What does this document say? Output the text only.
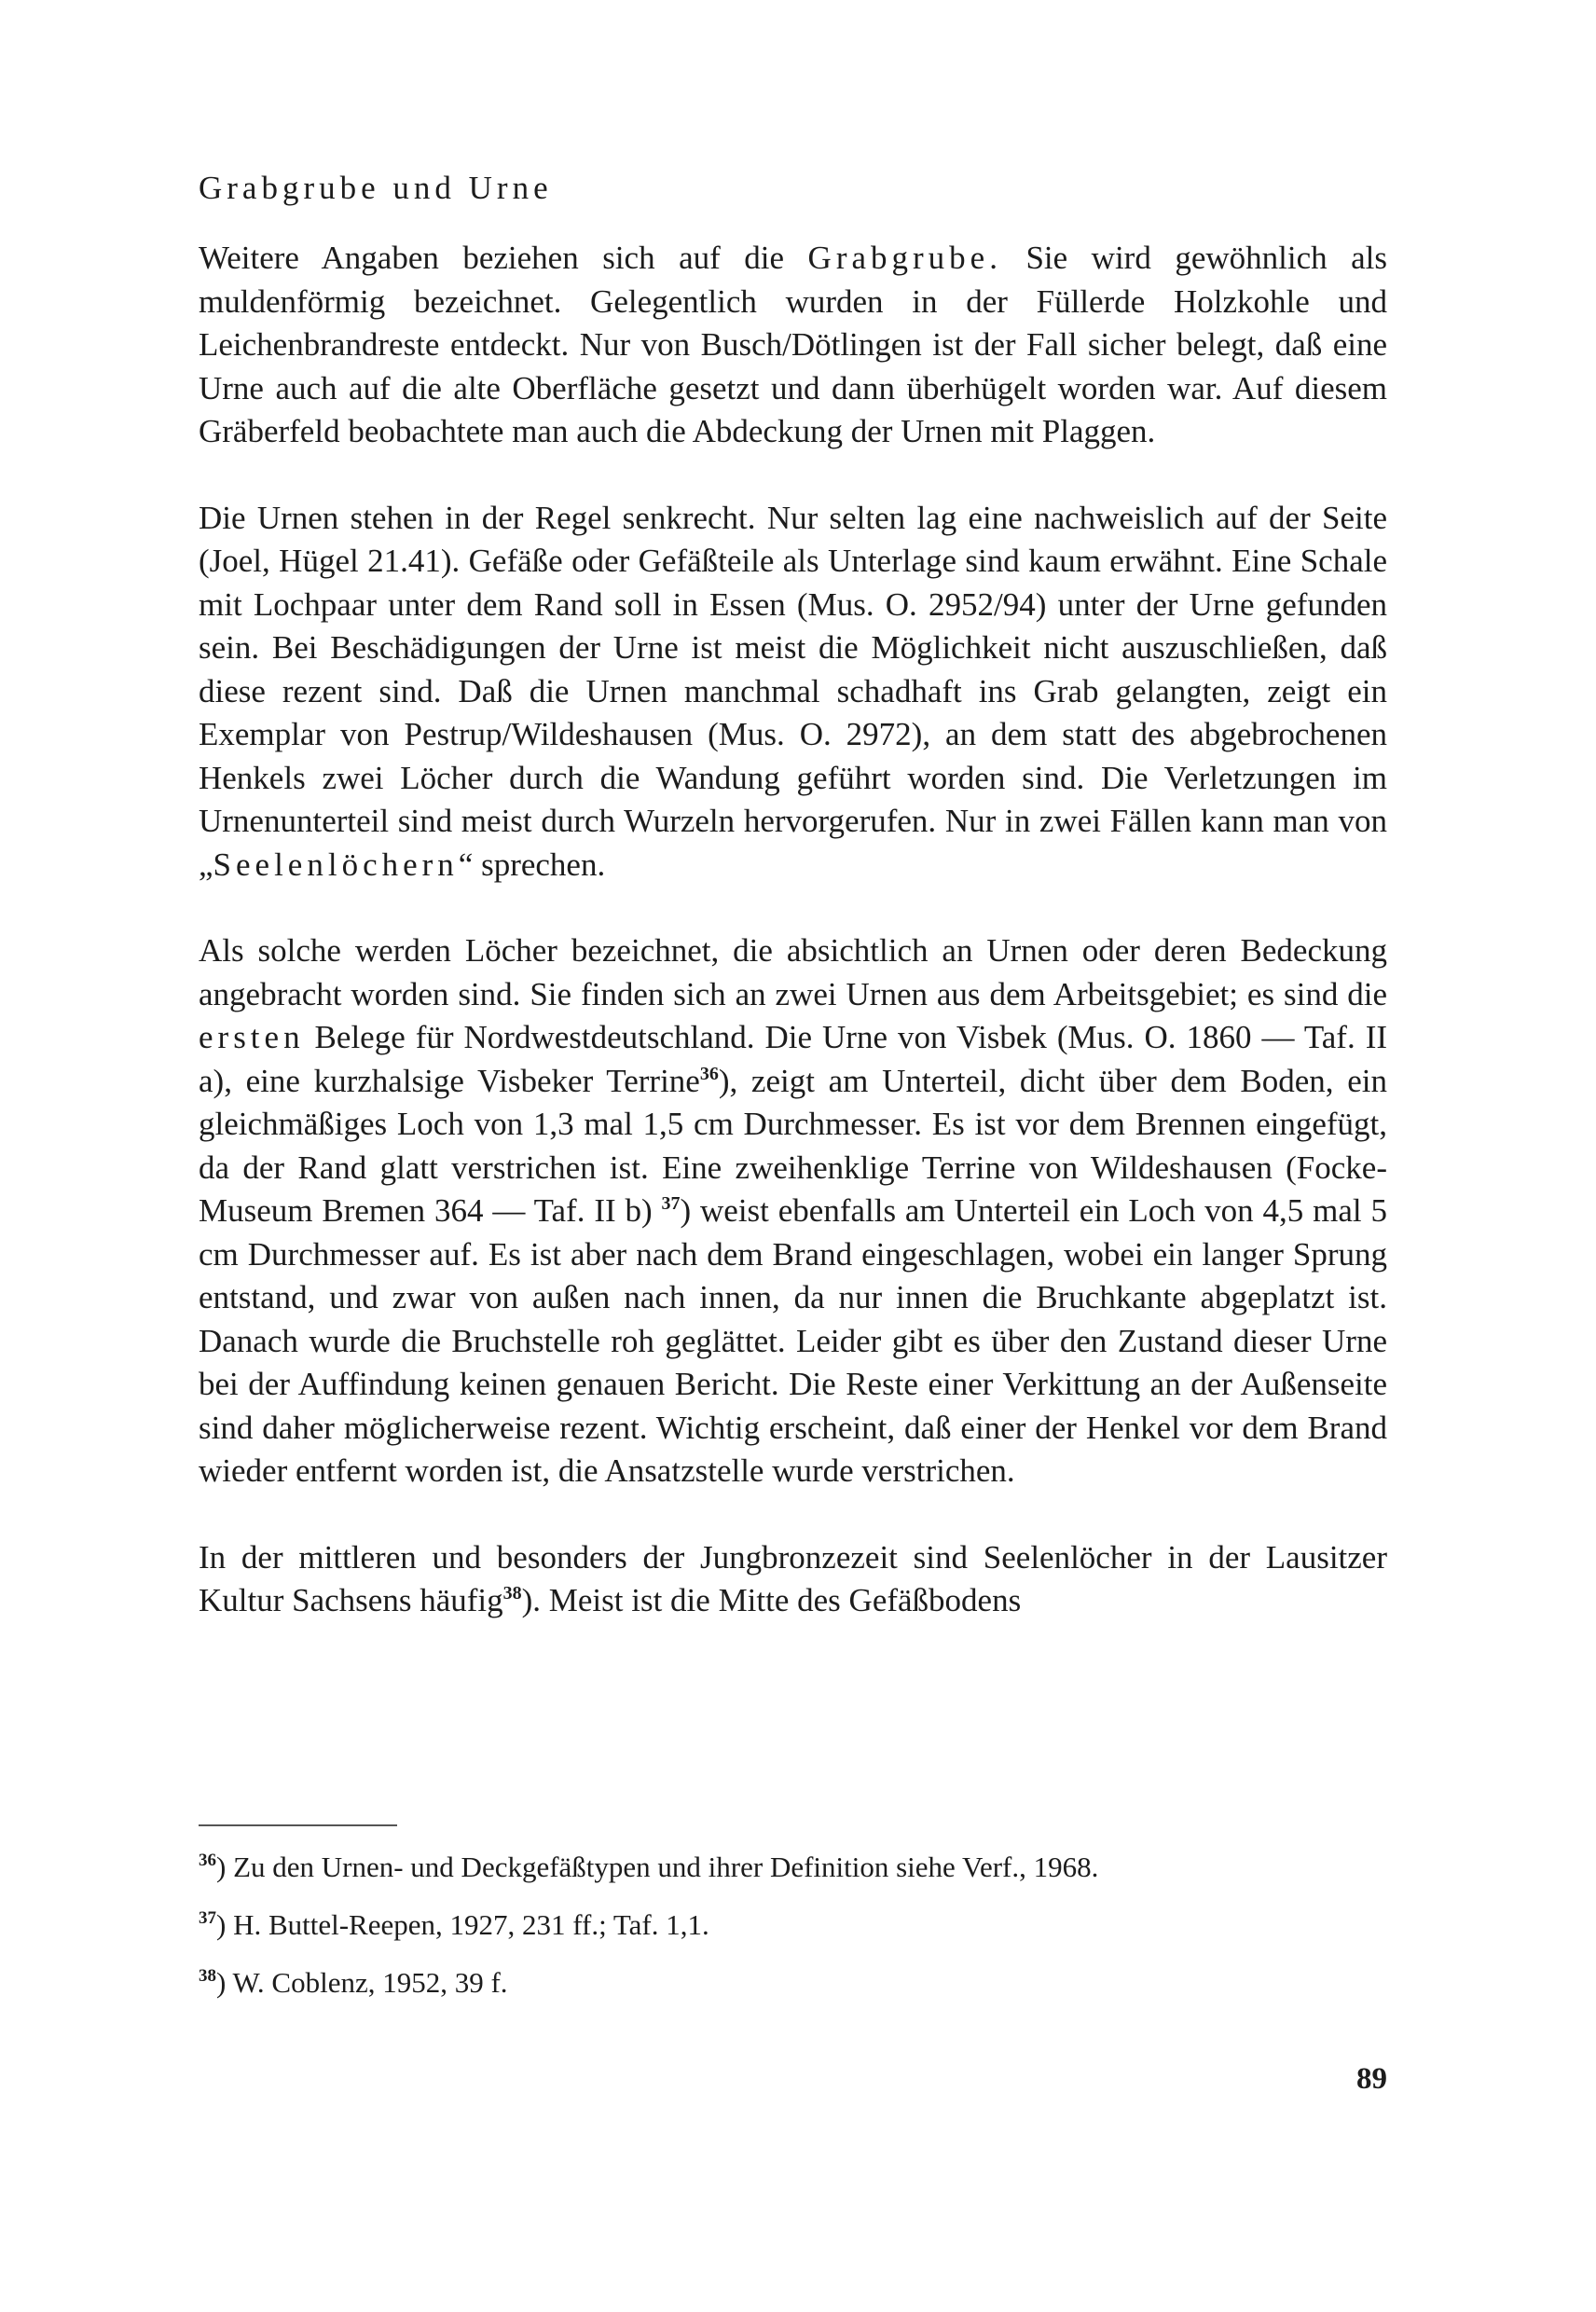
Grabgrube und Urne

Weitere Angaben beziehen sich auf die Grabgrube. Sie wird gewöhnlich als muldenförmig bezeichnet. Gelegentlich wurden in der Füllerde Holzkohle und Leichenbrandreste entdeckt. Nur von Busch/Dötlingen ist der Fall sicher belegt, daß eine Urne auch auf die alte Oberfläche gesetzt und dann überhügelt worden war. Auf diesem Gräberfeld beobachtete man auch die Abdeckung der Urnen mit Plaggen.

Die Urnen stehen in der Regel senkrecht. Nur selten lag eine nachweislich auf der Seite (Joel, Hügel 21.41). Gefäße oder Gefäßteile als Unterlage sind kaum erwähnt. Eine Schale mit Lochpaar unter dem Rand soll in Essen (Mus. O. 2952/94) unter der Urne gefunden sein. Bei Beschädigungen der Urne ist meist die Möglichkeit nicht auszuschließen, daß diese rezent sind. Daß die Urnen manchmal schadhaft ins Grab gelangten, zeigt ein Exemplar von Pestrup/Wildeshausen (Mus. O. 2972), an dem statt des abgebrochenen Henkels zwei Löcher durch die Wandung geführt worden sind. Die Verletzungen im Urnenunterteil sind meist durch Wurzeln hervorgerufen. Nur in zwei Fällen kann man von „Seelenlöchern“ sprechen.

Als solche werden Löcher bezeichnet, die absichtlich an Urnen oder deren Bedeckung angebracht worden sind. Sie finden sich an zwei Urnen aus dem Arbeitsgebiet; es sind die ersten Belege für Nordwestdeutschland. Die Urne von Visbek (Mus. O. 1860 — Taf. II a), eine kurzhalsige Visbeker Terrine$^{36}$), zeigt am Unterteil, dicht über dem Boden, ein gleichmäßiges Loch von 1,3 mal 1,5 cm Durchmesser. Es ist vor dem Brennen eingefügt, da der Rand glatt verstrichen ist. Eine zweihenklige Terrine von Wildeshausen (Focke-Museum Bremen 364 — Taf. II b) $^{37}$) weist ebenfalls am Unterteil ein Loch von 4,5 mal 5 cm Durchmesser auf. Es ist aber nach dem Brand eingeschlagen, wobei ein langer Sprung entstand, und zwar von außen nach innen, da nur innen die Bruchkante abgeplatzt ist. Danach wurde die Bruchstelle roh geglättet. Leider gibt es über den Zustand dieser Urne bei der Auffindung keinen genauen Bericht. Die Reste einer Verkittung an der Außenseite sind daher möglicherweise rezent. Wichtig erscheint, daß einer der Henkel vor dem Brand wieder entfernt worden ist, die Ansatzstelle wurde verstrichen.

In der mittleren und besonders der Jungbronzezeit sind Seelenlöcher in der Lausitzer Kultur Sachsens häufig$^{38}$). Meist ist die Mitte des Gefäßbodens

$^{36}$) Zu den Urnen- und Deckgefäßtypen und ihrer Definition siehe Verf., 1968.
$^{37}$) H. Buttel-Reepen, 1927, 231 ff.; Taf. 1,1.
$^{38}$) W. Coblenz, 1952, 39 f.
89
